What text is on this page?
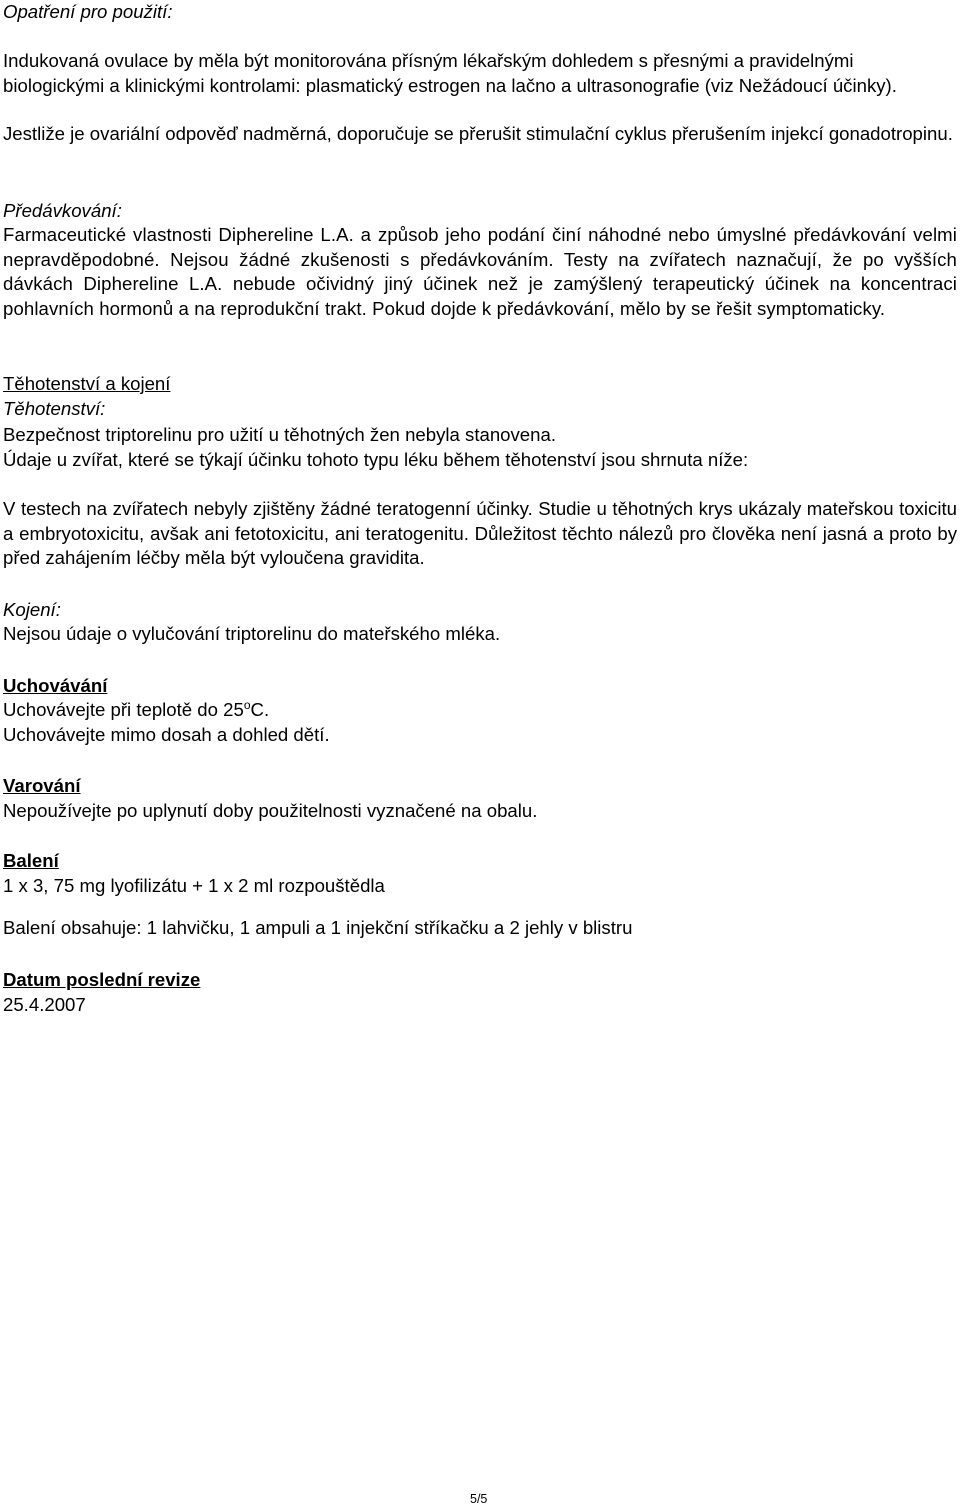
Opatření pro použití:

Indukovaná ovulace by měla být monitorována přísným lékařským dohledem s přesnými a pravidelnými biologickými a klinickými kontrolami: plasmatický estrogen na lačno a ultrasonografie (viz Nežádoucí účinky).

Jestliže je ovariální odpověď nadměrná, doporučuje se přerušit stimulační cyklus přerušením injekcí gonadotropinu.

Předávkování:

Farmaceutické vlastnosti Diphereline L.A. a způsob jeho podání činí náhodné nebo úmyslné předávkování velmi nepravděpodobné. Nejsou žádné zkušenosti s předávkováním. Testy na zvířatech naznačují, že po vyšších dávkách Diphereline L.A. nebude očividný jiný účinek než je zamýšlený terapeutický účinek na koncentraci pohlavních hormonů a na reprodukční trakt. Pokud dojde k předávkování, mělo by se řešit symptomaticky.

Těhotenství a kojení

Těhotenství:

Bezpečnost triptorelinu pro užití u těhotných žen nebyla stanovena.

Údaje u zvířat, které se týkají účinku tohoto typu léku během těhotenství jsou shrnuta níže:

V testech na zvířatech nebyly zjištěny žádné teratogenní účinky. Studie u těhotných krys ukázaly mateřskou toxicitu a embryotoxicitu, avšak ani fetotoxicitu, ani teratogenitu. Důležitost těchto nálezů pro člověka není jasná a proto by před zahájením léčby měla být vyloučena gravidita.

Kojení:

Nejsou údaje o vylučování triptorelinu do mateřského mléka.

Uchovávání

Uchovávejte při teplotě do 25$^o$C.

Uchovávejte mimo dosah a dohled dětí.

Varování

Nepoužívejte po uplynutí doby použitelnosti vyznačené na obalu.

Balení

1 x 3, 75 mg lyofilizátu + 1 x 2 ml rozpouštědla

Balení obsahuje: 1 lahvičku, 1 ampuli a 1 injekční stříkačku a 2 jehly v blistru

Datum poslední revize

25.4.2007

5/5
